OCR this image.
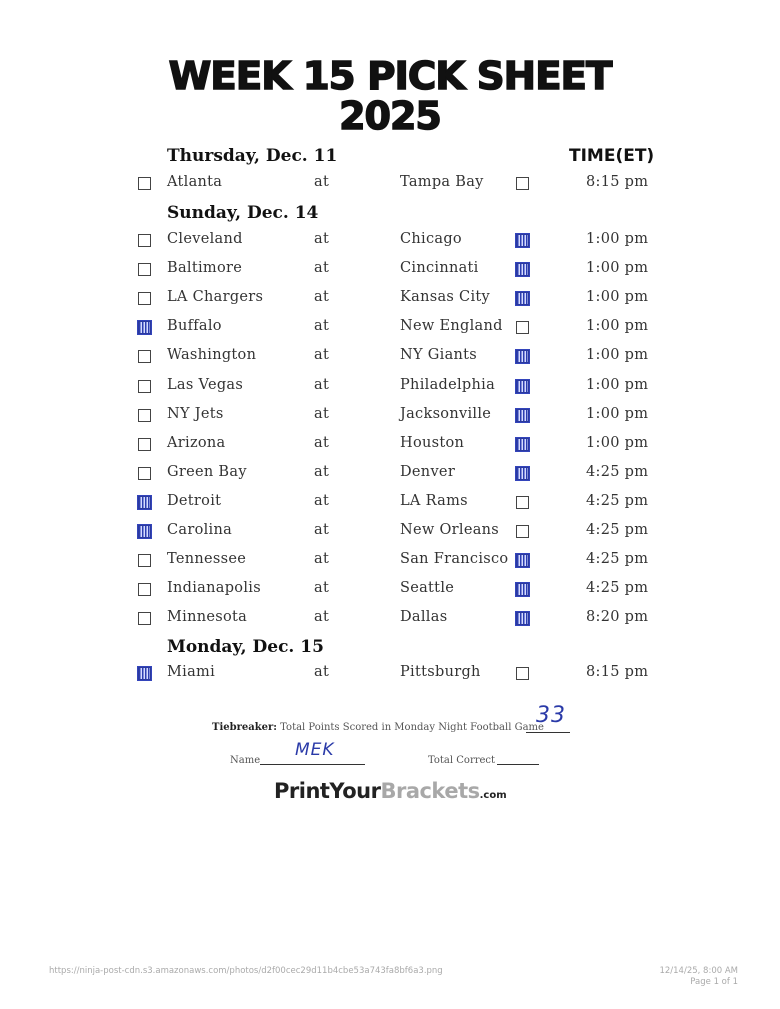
WEEK 15 PICK SHEET
2025
TIME(ET)
Thursday, Dec. 11
Atlanta	at	Tampa Bay	8:15 pm
Sunday, Dec. 14
Cleveland	at	Chicago	1:00 pm
Baltimore	at	Cincinnati	1:00 pm
LA Chargers	at	Kansas City	1:00 pm
Buffalo	at	New England	1:00 pm
Washington	at	NY Giants	1:00 pm
Las Vegas	at	Philadelphia	1:00 pm
NY Jets	at	Jacksonville	1:00 pm
Arizona	at	Houston	1:00 pm
Green Bay	at	Denver	4:25 pm
Detroit	at	LA Rams	4:25 pm
Carolina	at	New Orleans	4:25 pm
Tennessee	at	San Francisco	4:25 pm
Indianapolis	at	Seattle	4:25 pm
Minnesota	at	Dallas	8:20 pm
Monday, Dec. 15
Miami	at	Pittsburgh	8:15 pm
Tiebreaker: Total Points Scored in Monday Night Football Game
33
Name
MEK
Total Correct
PrintYourBrackets.com
https://ninja-post-cdn.s3.amazonaws.com/photos/d2f00cec29d11b4cbe53a743fa8bf6a3.png	12/14/25, 8:00 AM
Page 1 of 1
